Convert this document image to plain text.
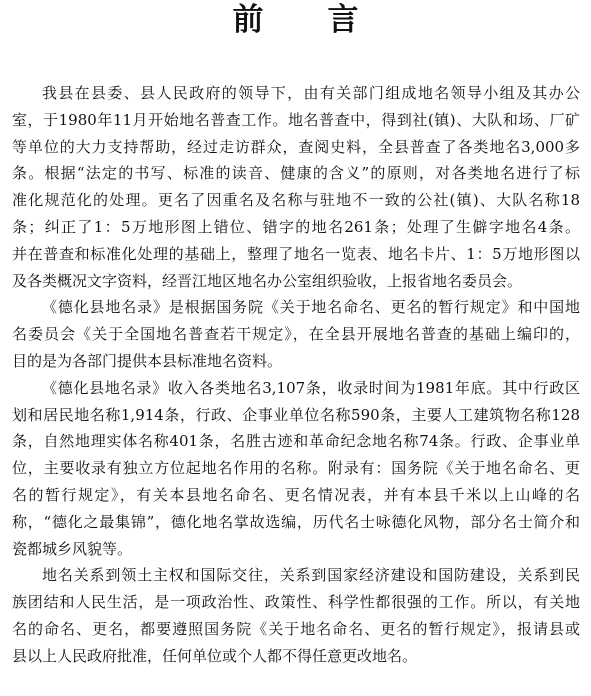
前言
我县在县委、县人民政府的领导下，由有关部门组成地名领导小组及其办公
室，于1980年11月开始地名普查工作。地名普查中，得到社(镇)、大队和场、厂矿
等单位的大力支持帮助，经过走访群众，查阅史料，全县普查了各类地名3,000多
条。根据“法定的书写、标准的读音、健康的含义”的原则，对各类地名进行了标
准化规范化的处理。更名了因重名及名称与驻地不一致的公社(镇)、大队名称18
条；纠正了1：5万地形图上错位、错字的地名261条；处理了生僻字地名4条。
并在普查和标准化处理的基础上，整理了地名一览表、地名卡片、1：5万地形图以
及各类概况文字资料，经晋江地区地名办公室组织验收，上报省地名委员会。
《德化县地名录》是根据国务院《关于地名命名、更名的暂行规定》和中国地
名委员会《关于全国地名普查若干规定》，在全县开展地名普查的基础上编印的，
目的是为各部门提供本县标准地名资料。
《德化县地名录》收入各类地名3,107条，收录时间为1981年底。其中行政区
划和居民地名称1,914条，行政、企事业单位名称590条，主要人工建筑物名称128
条，自然地理实体名称401条，名胜古迹和革命纪念地名称74条。行政、企事业单
位，主要收录有独立方位起地名作用的名称。附录有：国务院《关于地名命名、更
名的暂行规定》，有关本县地名命名、更名情况表，并有本县千米以上山峰的名
称，“德化之最集锦”，德化地名掌故选编，历代名士咏德化风物，部分名士简介和
瓷都城乡风貌等。
地名关系到领土主权和国际交往，关系到国家经济建设和国防建设，关系到民
族团结和人民生活，是一项政治性、政策性、科学性都很强的工作。所以，有关地
名的命名、更名，都要遵照国务院《关于地名命名、更名的暂行规定》，报请县或
县以上人民政府批准，任何单位或个人都不得任意更改地名。
